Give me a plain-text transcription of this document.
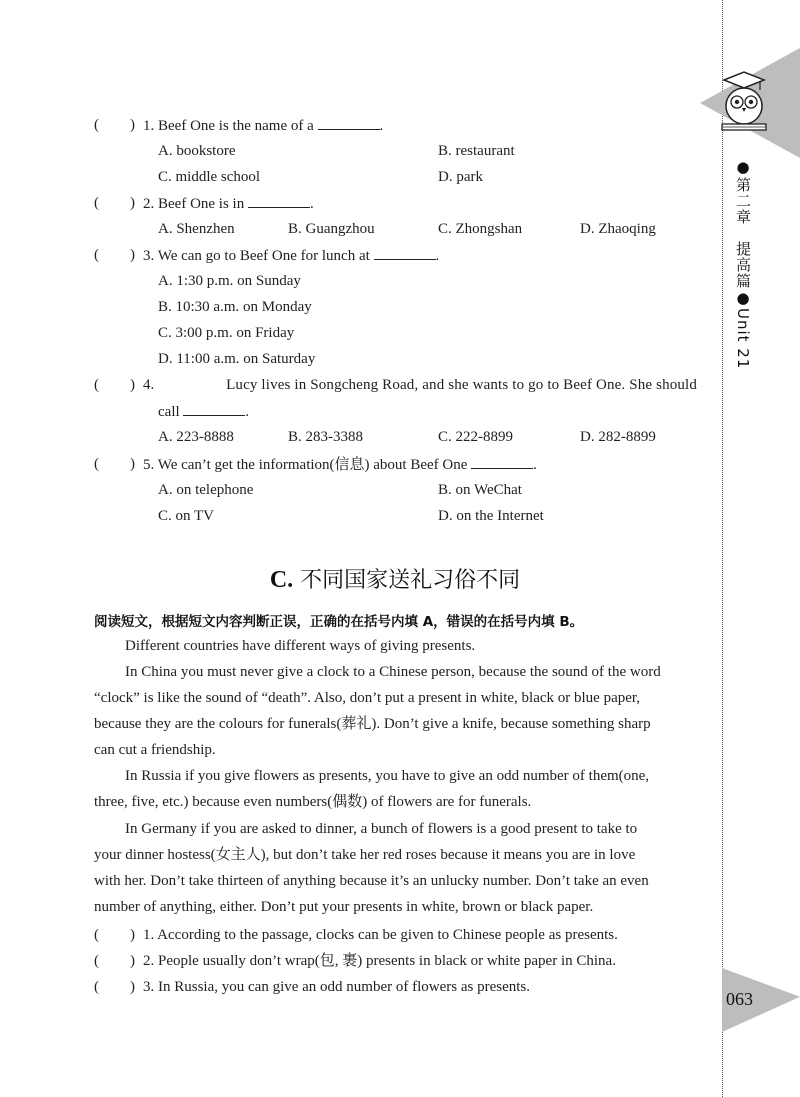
●第二章　提高篇●Unit 21
063
( ) 1. Beef One is the name of a	.
A. bookstore	B. restaurant
C. middle school	D. park
( ) 2. Beef One is in	.
A. Shenzhen	B. Guangzhou	C. Zhongshan	D. Zhaoqing
( ) 3. We can go to Beef One for lunch at	.
A. 1:30 p.m. on Sunday
B. 10:30 a.m. on Monday
C. 3:00 p.m. on Friday
D. 11:00 a.m. on Saturday
( ) 4.	Lucy lives in Songcheng Road, and she wants to go to Beef One. She should
call	.
A. 223-8888	B. 283-3388	C. 222-8899	D. 282-8899
( ) 5. We can’t get the information(信息) about Beef One	.
A. on telephone	B. on WeChat
C. on TV	D. on the Internet
C. 不同国家送礼习俗不同
阅读短文，根据短文内容判断正误，正确的在括号内填 A，错误的在括号内填 B。
Different countries have different ways of giving presents.
In China you must never give a clock to a Chinese person, because the sound of the word
“clock” is like the sound of “death”. Also, don’t put a present in white, black or blue paper,
because they are the colours for funerals(葬礼). Don’t give a knife, because something sharp
can cut a friendship.
In Russia if you give flowers as presents, you have to give an odd number of them(one,
three, five, etc.) because even numbers(偶数) of flowers are for funerals.
In Germany if you are asked to dinner, a bunch of flowers is a good present to take to
your dinner hostess(女主人), but don’t take her red roses because it means you are in love
with her. Don’t take thirteen of anything because it’s an unlucky number. Don’t take an even
number of anything, either. Don’t put your presents in white, brown or black paper.
( ) 1. According to the passage, clocks can be given to Chinese people as presents.
( ) 2. People usually don’t wrap(包, 裹) presents in black or white paper in China.
( ) 3. In Russia, you can give an odd number of flowers as presents.
